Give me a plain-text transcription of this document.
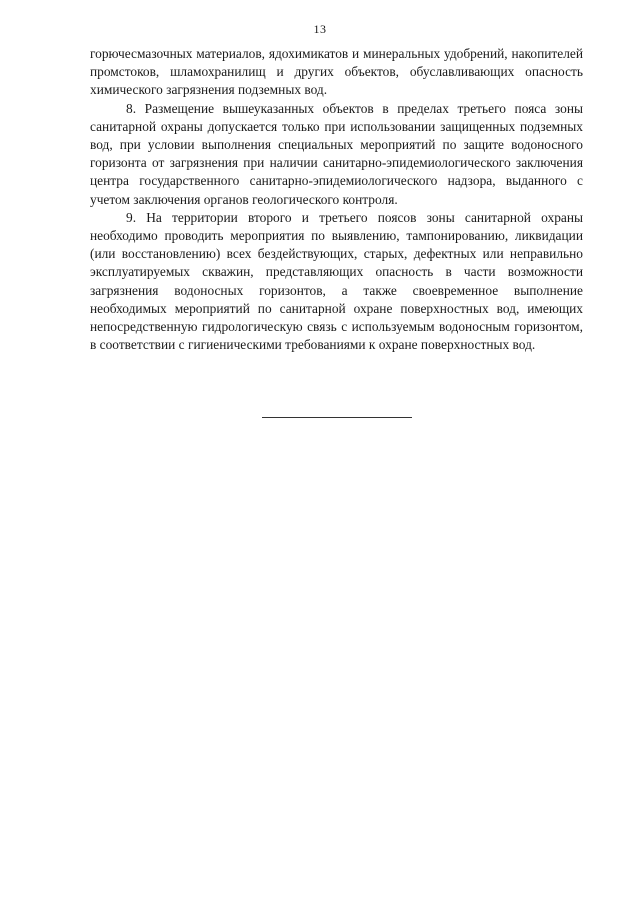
13

горючесмазочных материалов, ядохимикатов и минеральных удобрений, накопителей промстоков, шламохранилищ и других объектов, обуславливающих опасность химического загрязнения подземных вод.

8. Размещение вышеуказанных объектов в пределах третьего пояса зоны санитарной охраны допускается только при использовании защищенных подземных вод, при условии выполнения специальных мероприятий по защите водоносного горизонта от загрязнения при наличии санитарно-эпидемиологического заключения центра государственного санитарно-эпидемиологического надзора, выданного с учетом заключения органов геологического контроля.

9. На территории второго и третьего поясов зоны санитарной охраны необходимо проводить мероприятия по выявлению, тампонированию, ликвидации (или восстановлению) всех бездействующих, старых, дефектных или неправильно эксплуатируемых скважин, представляющих опасность в части возможности загрязнения водоносных горизонтов, а также своевременное выполнение необходимых мероприятий по санитарной охране поверхностных вод, имеющих непосредственную гидрологическую связь с используемым водоносным горизонтом, в соответствии с гигиеническими требованиями к охране поверхностных вод.
